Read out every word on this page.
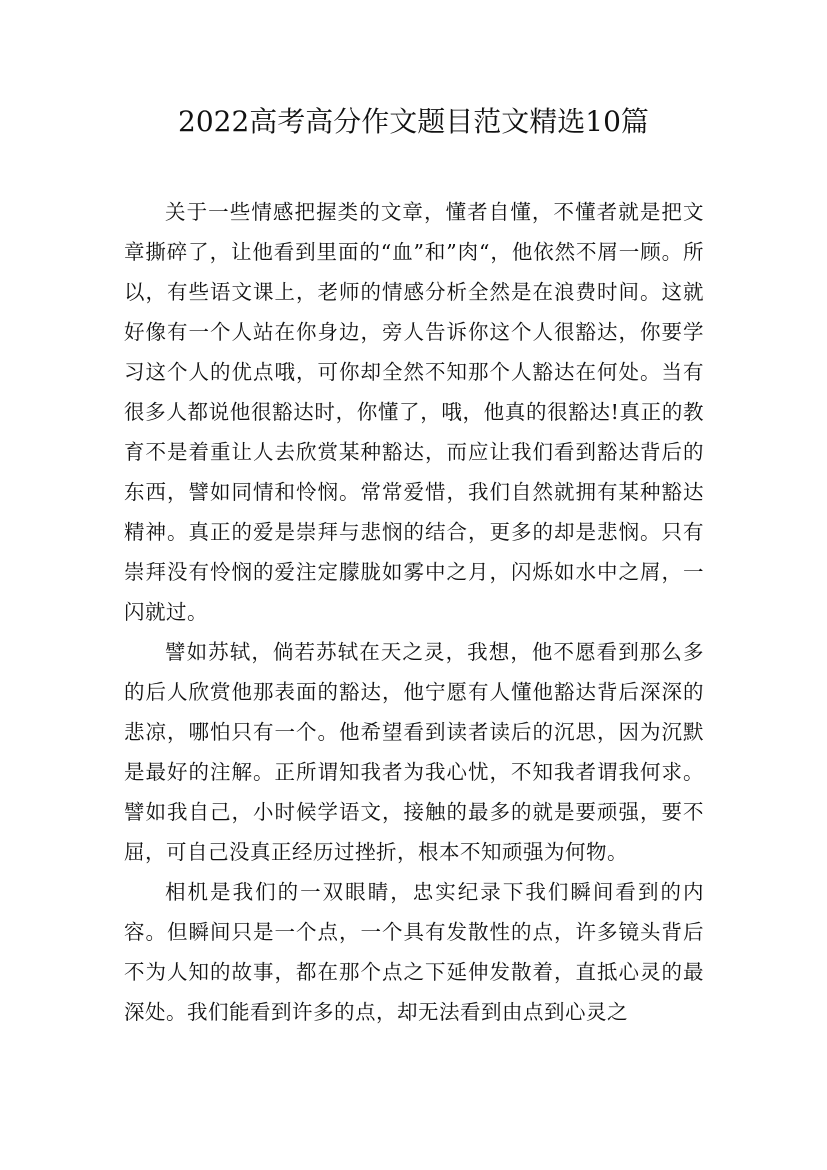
2022高考高分作文题目范文精选10篇

关于一些情感把握类的文章，懂者自懂，不懂者就是把文章撕碎了，让他看到里面的“血”和”肉“，他依然不屑一顾。所以，有些语文课上，老师的情感分析全然是在浪费时间。这就好像有一个人站在你身边，旁人告诉你这个人很豁达，你要学习这个人的优点哦，可你却全然不知那个人豁达在何处。当有很多人都说他很豁达时，你懂了，哦，他真的很豁达!真正的教育不是着重让人去欣赏某种豁达，而应让我们看到豁达背后的东西，譬如同情和怜悯。常常爱惜，我们自然就拥有某种豁达精神。真正的爱是崇拜与悲悯的结合，更多的却是悲悯。只有崇拜没有怜悯的爱注定朦胧如雾中之月，闪烁如水中之屑，一闪就过。

譬如苏轼，倘若苏轼在天之灵，我想，他不愿看到那么多的后人欣赏他那表面的豁达，他宁愿有人懂他豁达背后深深的悲凉，哪怕只有一个。他希望看到读者读后的沉思，因为沉默是最好的注解。正所谓知我者为我心忧，不知我者谓我何求。譬如我自己，小时候学语文，接触的最多的就是要顽强，要不屈，可自己没真正经历过挫折，根本不知顽强为何物。

相机是我们的一双眼睛，忠实纪录下我们瞬间看到的内容。但瞬间只是一个点，一个具有发散性的点，许多镜头背后不为人知的故事，都在那个点之下延伸发散着，直抵心灵的最深处。我们能看到许多的点，却无法看到由点到心灵之
